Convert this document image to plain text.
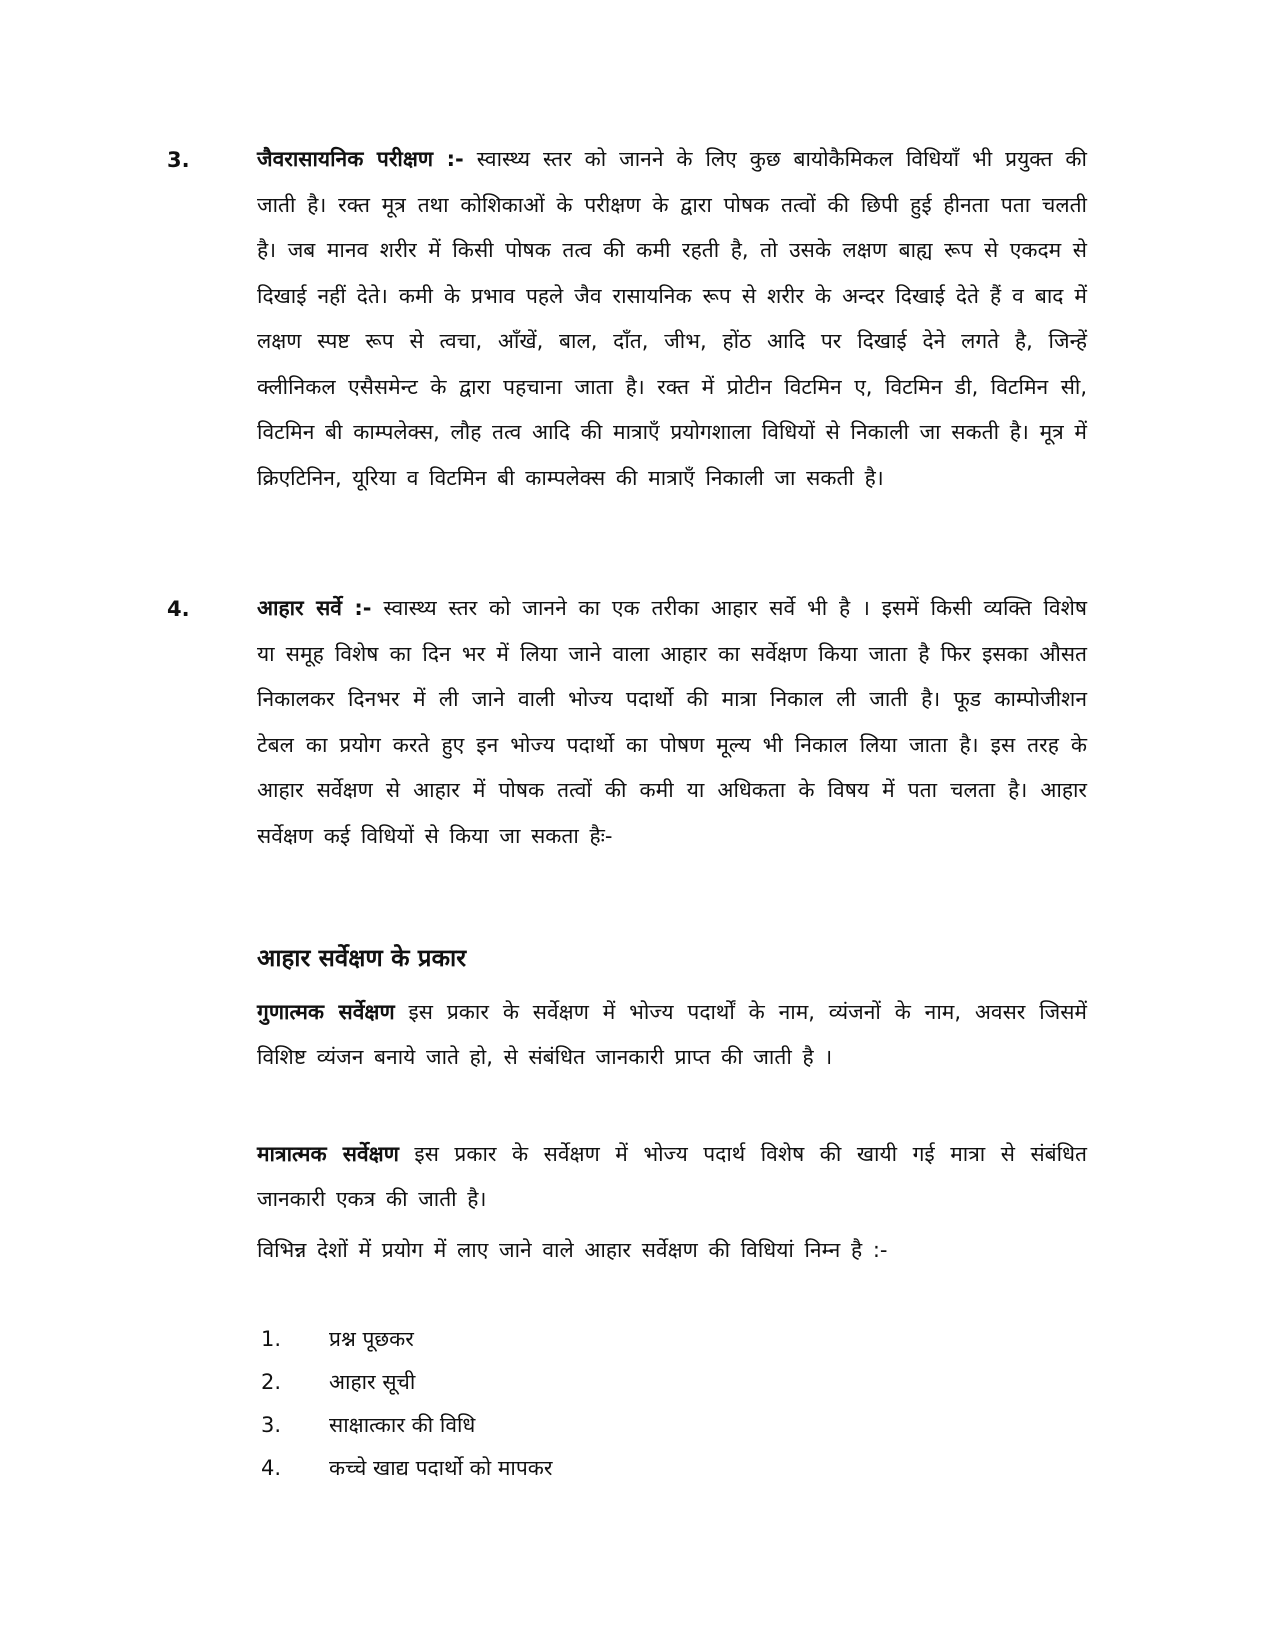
3.	जैवरासायनिक परीक्षण :- स्वास्थ्य स्तर को जानने के लिए कुछ बायोकैमिकल विधियाँ भी प्रयुक्त की जाती है। रक्त मूत्र तथा कोशिकाओं के परीक्षण के द्वारा पोषक तत्वों की छिपी हुई हीनता पता चलती है। जब मानव शरीर में किसी पोषक तत्व की कमी रहती है, तो उसके लक्षण बाह्य रूप से एकदम से दिखाई नहीं देते। कमी के प्रभाव पहले जैव रासायनिक रूप से शरीर के अन्दर दिखाई देते हैं व बाद में लक्षण स्पष्ट रूप से त्वचा, आँखें, बाल, दाँत, जीभ, होंठ आदि पर दिखाई देने लगते है, जिन्हें क्लीनिकल एसैसमेन्ट के द्वारा पहचाना जाता है। रक्त में प्रोटीन विटमिन ए, विटमिन डी, विटमिन सी, विटमिन बी काम्पलेक्स, लौह तत्व आदि की मात्राएँ प्रयोगशाला विधियों से निकाली जा सकती है। मूत्र में क्रिएटिनिन, यूरिया व विटमिन बी काम्पलेक्स की मात्राएँ निकाली जा सकती है।
4.	आहार सर्वे :- स्वास्थ्य स्तर को जानने का एक तरीका आहार सर्वे भी है । इसमें किसी व्यक्ति विशेष या समूह विशेष का दिन भर में लिया जाने वाला आहार का सर्वेक्षण किया जाता है फिर इसका औसत निकालकर दिनभर में ली जाने वाली भोज्य पदार्थो की मात्रा निकाल ली जाती है। फूड काम्पोजीशन टेबल का प्रयोग करते हुए इन भोज्य पदार्थो का पोषण मूल्य भी निकाल लिया जाता है। इस तरह के आहार सर्वेक्षण से आहार में पोषक तत्वों की कमी या अधिकता के विषय में पता चलता है। आहार सर्वेक्षण कई विधियों से किया जा सकता हैः-
आहार सर्वेक्षण के प्रकार
गुणात्मक सर्वेक्षण इस प्रकार के सर्वेक्षण में भोज्य पदार्थों के नाम, व्यंजनों के नाम, अवसर जिसमें विशिष्ट व्यंजन बनाये जाते हो, से संबंधित जानकारी प्राप्त की जाती है ।
मात्रात्मक सर्वेक्षण इस प्रकार के सर्वेक्षण में भोज्य पदार्थ विशेष की खायी गई मात्रा से संबंधित जानकारी एकत्र की जाती है।
विभिन्न देशों में प्रयोग में लाए जाने वाले आहार सर्वेक्षण की विधियां निम्न है :-
1. प्रश्न पूछकर
2. आहार सूची
3. साक्षात्कार की विधि
4. कच्चे खाद्य पदार्थो को मापकर
